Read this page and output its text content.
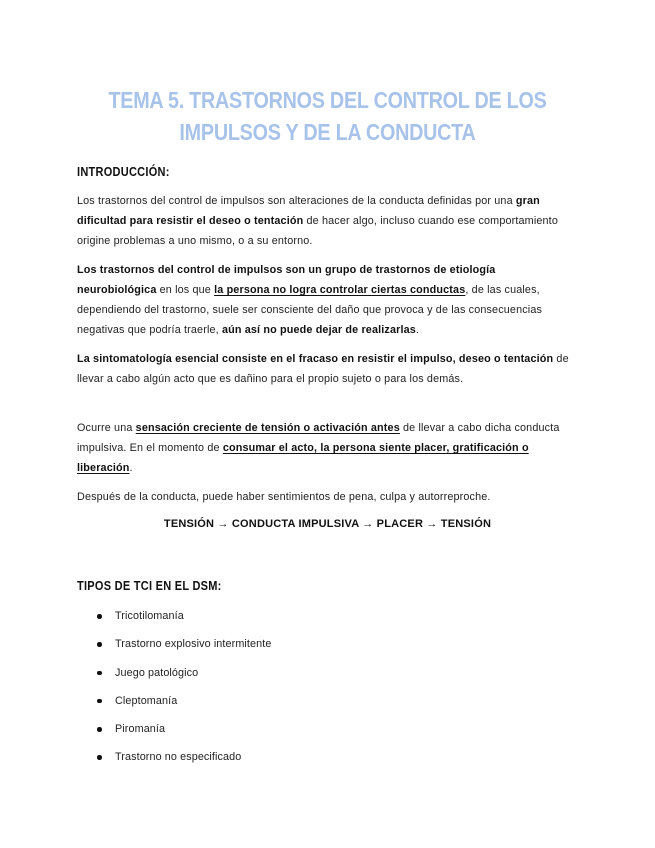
TEMA 5. TRASTORNOS DEL CONTROL DE LOS
IMPULSOS Y DE LA CONDUCTA
INTRODUCCIÓN:
Los trastornos del control de impulsos son alteraciones de la conducta definidas por una gran dificultad para resistir el deseo o tentación de hacer algo, incluso cuando ese comportamiento origine problemas a uno mismo, o a su entorno.
Los trastornos del control de impulsos son un grupo de trastornos de etiología neurobiológica en los que la persona no logra controlar ciertas conductas, de las cuales, dependiendo del trastorno, suele ser consciente del daño que provoca y de las consecuencias negativas que podría traerle, aún así no puede dejar de realizarlas.
La sintomatología esencial consiste en el fracaso en resistir el impulso, deseo o tentación de llevar a cabo algún acto que es dañino para el propio sujeto o para los demás.
Ocurre una sensación creciente de tensión o activación antes de llevar a cabo dicha conducta impulsiva. En el momento de consumar el acto, la persona siente placer, gratificación o liberación.
Después de la conducta, puede haber sentimientos de pena, culpa y autorreproche.
TENSIÓN → CONDUCTA IMPULSIVA → PLACER → TENSIÓN
TIPOS DE TCI EN EL DSM:
Tricotilomanía
Trastorno explosivo intermitente
Juego patológico
Cleptomanía
Piromanía
Trastorno no especificado
